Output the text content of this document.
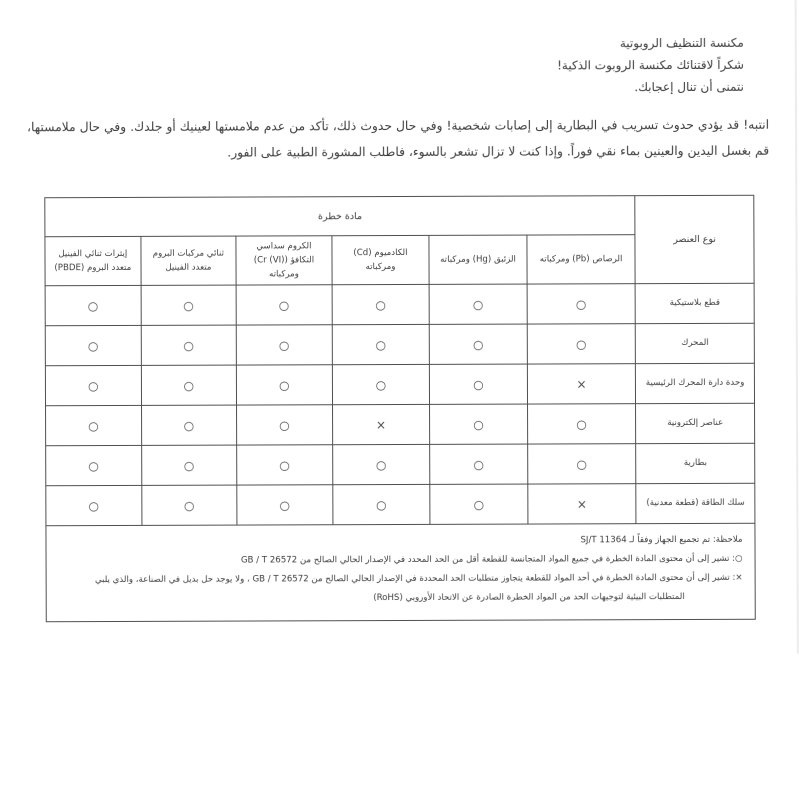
مكنسة التنظيف الروبوتية

شكراً لاقتنائك مكنسة الروبوت الذكية!

نتمنى أن تنال إعجابك.

انتبه! قد يؤدي حدوث تسريب في البطارية إلى إصابات شخصية! وفي حال حدوث ذلك، تأكد من عدم ملامستها لعينيك أو جلدك. وفي حال ملامستها، قم بغسل اليدين والعينين بماء نقي فوراً. وإذا كنت لا تزال تشعر بالسوء، فاطلب المشورة الطبية على الفور.

نوع العنصر	مادة خطرة					
	الرصاص (Pb) ومركباته	الزئبق (Hg) ومركباته	الكادميوم (Cd) ومركباته	الكروم سداسي التكافؤ (Cr (VI)) ومركباته	ثنائي مركبات البروم متعدد الفينيل	إيثرات ثنائي الفينيل متعدد البروم (PBDE)
قطع بلاستيكية	○	○	○	○	○	○
المحرك	○	○	○	○	○	○
وحدة دارة المحرك الرئيسية	×	○	○	○	○	○
عناصر إلكترونية	○	○	×	○	○	○
بطارية	○	○	○	○	○	○
سلك الطاقة (قطعة معدنية)	×	○	○	○	○	○

ملاحظة: تم تجميع الجهاز وفقاً لـ SJ/T 11364

○: تشير إلى أن محتوى المادة الخطرة في جميع المواد المتجانسة للقطعة أقل من الحد المحدد في الإصدار الحالي الصالح من GB / T 26572

×: تشير إلى أن محتوى المادة الخطرة في أحد المواد للقطعة يتجاوز متطلبات الحد المحددة في الإصدار الحالي الصالح من GB / T 26572 ، ولا يوجد حل بديل في الصناعة، والذي يلبي

المتطلبات البيئية لتوجيهات الحد من المواد الخطرة الصادرة عن الاتحاد الأوروبي (RoHS)						
